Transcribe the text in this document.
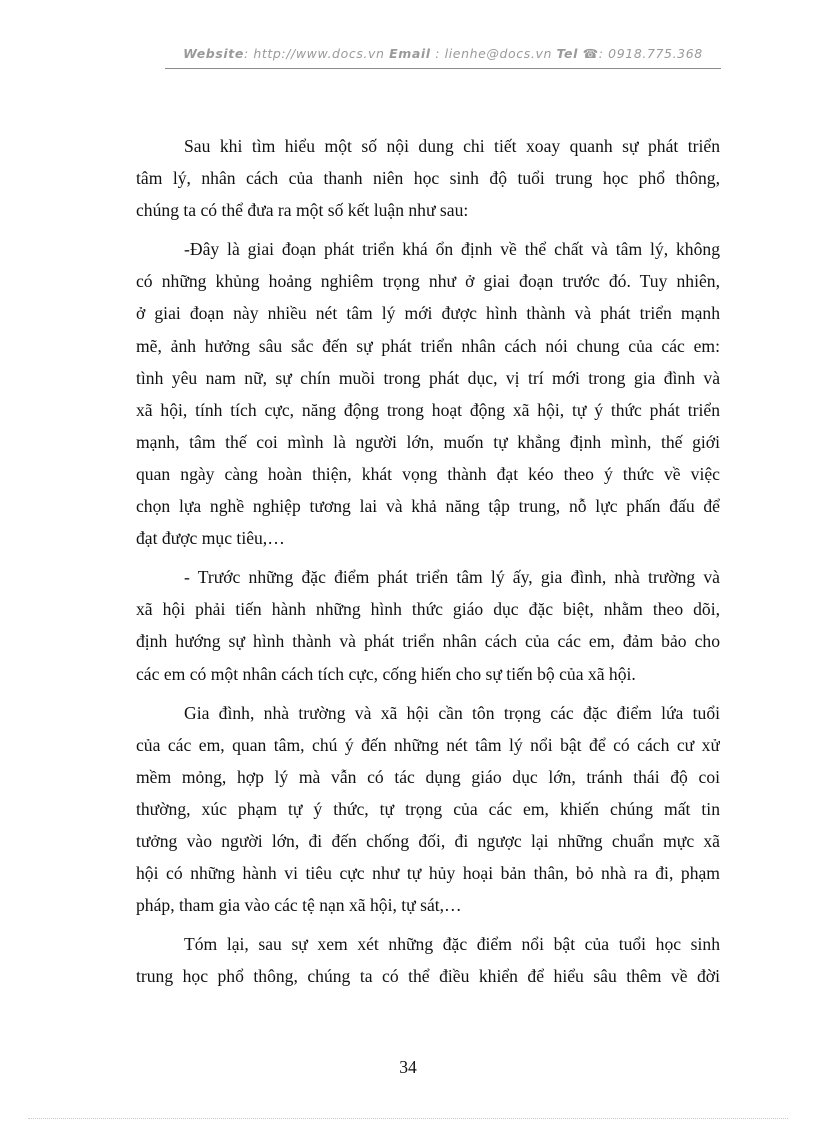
Website: http://www.docs.vn Email : lienhe@docs.vn Tel ☎: 0918.775.368
Sau khi tìm hiểu một số nội dung chi tiết xoay quanh sự phát triển
tâm lý, nhân cách của thanh niên học sinh độ tuổi trung học phổ thông,
chúng ta có thể đưa ra một số kết luận như sau:
-Đây là giai đoạn phát triển khá ổn định về thể chất và tâm lý, không
có những khủng hoảng nghiêm trọng như ở giai đoạn trước đó. Tuy nhiên,
ở giai đoạn này nhiều nét tâm lý mới được hình thành và phát triển mạnh
mẽ, ảnh hưởng sâu sắc đến sự phát triển nhân cách nói chung của các em:
tình yêu nam nữ, sự chín muồi trong phát dục, vị trí mới trong gia đình và
xã hội, tính tích cực, năng động trong hoạt động xã hội, tự ý thức phát triển
mạnh, tâm thế coi mình là người lớn, muốn tự khẳng định mình, thế giới
quan ngày càng hoàn thiện, khát vọng thành đạt kéo theo ý thức về việc
chọn lựa nghề nghiệp tương lai và khả năng tập trung, nỗ lực phấn đấu để
đạt được mục tiêu,…
- Trước những đặc điểm phát triển tâm lý ấy, gia đình, nhà trường và
xã hội phải tiến hành những hình thức giáo dục đặc biệt, nhằm theo dõi,
định hướng sự hình thành và phát triển nhân cách của các em, đảm bảo cho
các em có một nhân cách tích cực, cống hiến cho sự tiến bộ của xã hội.
Gia đình, nhà trường và xã hội cần tôn trọng các đặc điểm lứa tuổi
của các em, quan tâm, chú ý đến những nét tâm lý nổi bật để có cách cư xử
mềm mỏng, hợp lý mà vẫn có tác dụng giáo dục lớn, tránh thái độ coi
thường, xúc phạm tự ý thức, tự trọng của các em, khiến chúng mất tin
tưởng vào người lớn, đi đến chống đối, đi ngược lại những chuẩn mực xã
hội có những hành vi tiêu cực như tự hủy hoại bản thân, bỏ nhà ra đi, phạm
pháp, tham gia vào các tệ nạn xã hội, tự sát,…
Tóm lại, sau sự xem xét những đặc điểm nổi bật của tuổi học sinh
trung học phổ thông, chúng ta có thể điều khiển để hiểu sâu thêm về đời
34
